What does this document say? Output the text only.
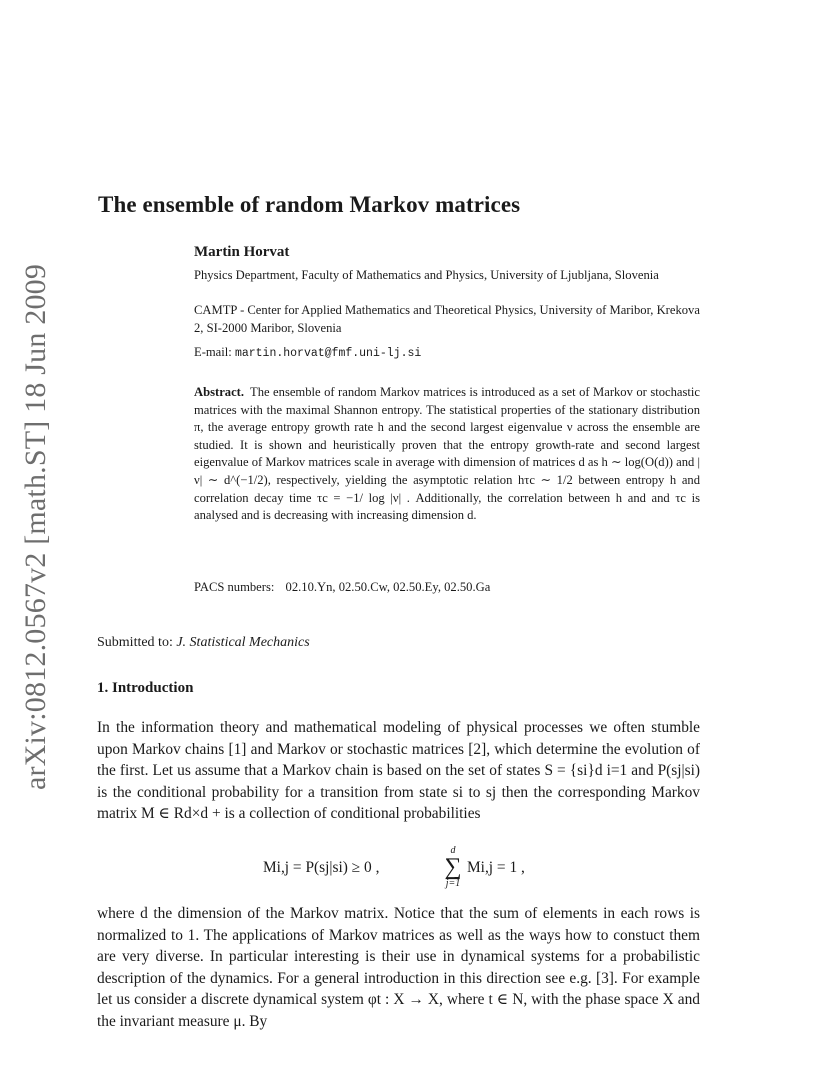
arXiv:0812.0567v2 [math.ST] 18 Jun 2009
The ensemble of random Markov matrices
Martin Horvat
Physics Department, Faculty of Mathematics and Physics, University of Ljubljana, Slovenia
CAMTP - Center for Applied Mathematics and Theoretical Physics, University of Maribor, Krekova 2, SI-2000 Maribor, Slovenia
E-mail: martin.horvat@fmf.uni-lj.si
Abstract. The ensemble of random Markov matrices is introduced as a set of Markov or stochastic matrices with the maximal Shannon entropy. The statistical properties of the stationary distribution π, the average entropy growth rate h and the second largest eigenvalue ν across the ensemble are studied. It is shown and heuristically proven that the entropy growth-rate and second largest eigenvalue of Markov matrices scale in average with dimension of matrices d as h ∼ log(O(d)) and |ν| ∼ d^(−1/2), respectively, yielding the asymptotic relation hτc ∼ 1/2 between entropy h and correlation decay time τc = −1/ log |ν| . Additionally, the correlation between h and and τc is analysed and is decreasing with increasing dimension d.
PACS numbers: 02.10.Yn, 02.50.Cw, 02.50.Ey, 02.50.Ga
Submitted to: J. Statistical Mechanics
1. Introduction

In the information theory and mathematical modeling of physical processes we often stumble upon Markov chains [1] and Markov or stochastic matrices [2], which determine the evolution of the first. Let us assume that a Markov chain is based on the set of states S = {si}d i=1 and P(sj|si) is the conditional probability for a transition from state si to sj then the corresponding Markov matrix M ∈ Rd×d + is a collection of conditional probabilities

Mi,j = P(sj|si) ≥ 0 ,
d
∑
j=1
Mi,j = 1 ,

where d the dimension of the Markov matrix. Notice that the sum of elements in each rows is normalized to 1. The applications of Markov matrices as well as the ways how to constuct them are very diverse. In particular interesting is their use in dynamical systems for a probabilistic description of the dynamics. For a general introduction in this direction see e.g. [3]. For example let us consider a discrete dynamical system φt : X → X, where t ∈ N, with the phase space X and the invariant measure μ. By
